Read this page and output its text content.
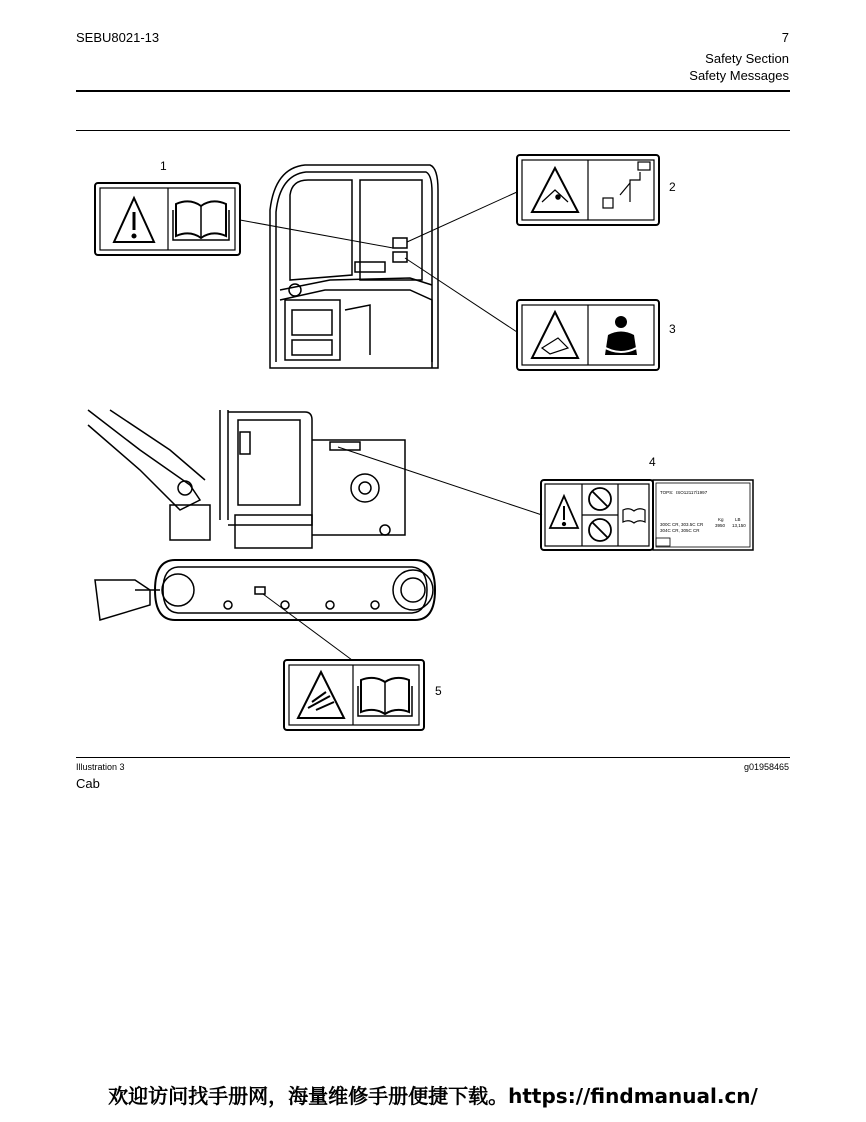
SEBU8021-13	7
Safety Section
Safety Messages
TOPS: ISO12117/1997
300C CR, 303.5C CR
304C CR, 305C CR
Kg	LB
3950 13,150
1
2
3
4
5
Illustration 3	g01958465
Cab
欢迎访问找手册网，海量维修手册便捷下载。https://findmanual.cn/
